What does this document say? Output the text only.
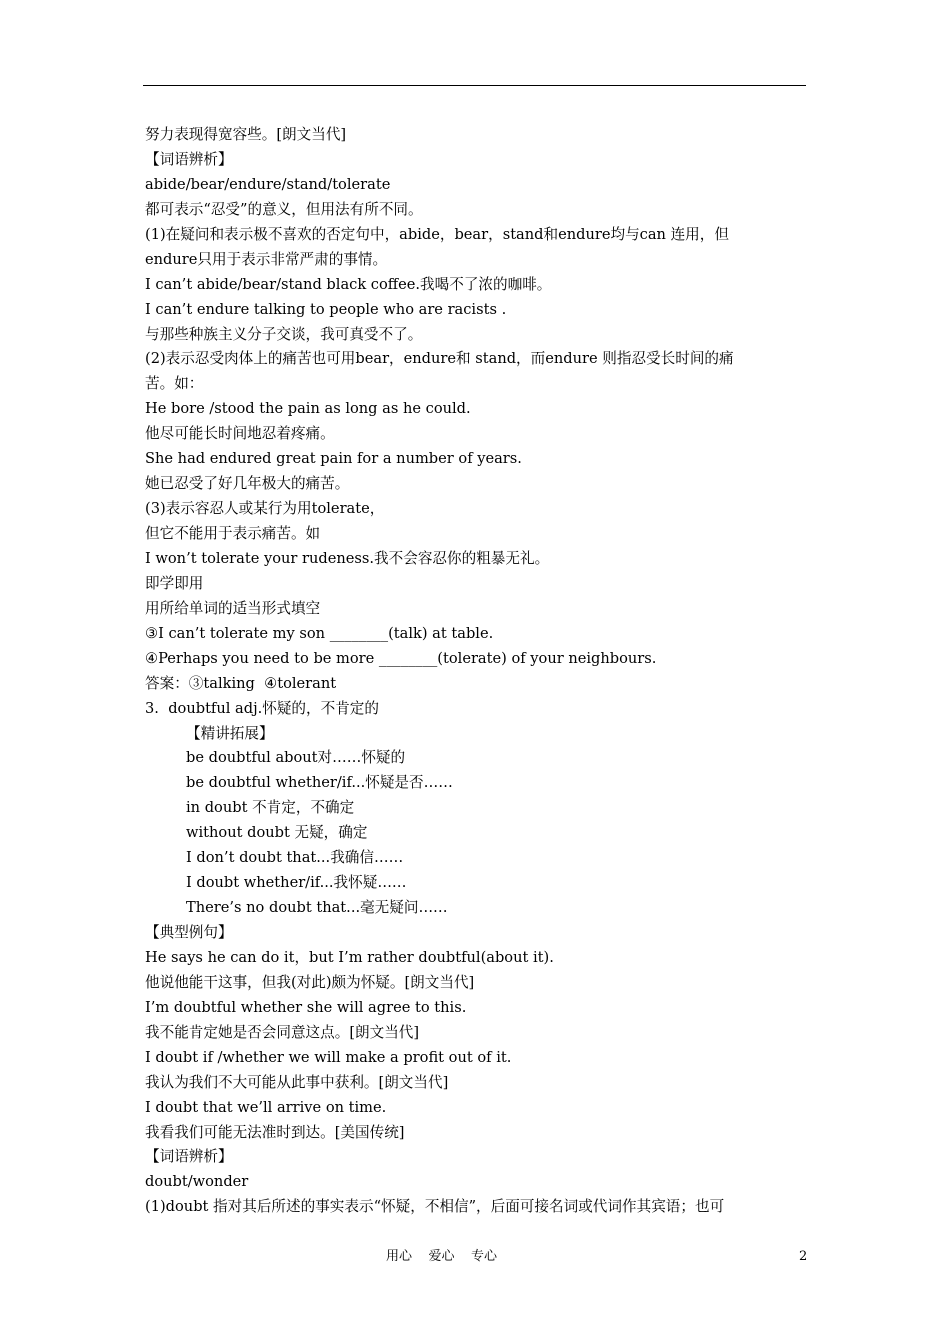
努力表现得宽容些。[朗文当代]
【词语辨析】
abide/bear/endure/stand/tolerate
都可表示“忍受”的意义，但用法有所不同。
(1)在疑问和表示极不喜欢的否定句中，abide，bear，stand和endure均与can 连用，但
endure只用于表示非常严肃的事情。
I can’t abide/bear/stand black coffee.我喝不了浓的咖啡。
I can’t endure talking to people who are racists .
与那些种族主义分子交谈，我可真受不了。
(2)表示忍受肉体上的痛苦也可用bear，endure和 stand，而endure 则指忍受长时间的痛
苦。如：
He bore /stood the pain as long as he could.
他尽可能长时间地忍着疼痛。
She had endured great pain for a number of years.
她已忍受了好几年极大的痛苦。
(3)表示容忍人或某行为用tolerate，
但它不能用于表示痛苦。如
I won’t tolerate your rudeness.我不会容忍你的粗暴无礼。
即学即用
用所给单词的适当形式填空
③I can’t tolerate my son ________(talk) at table.
④Perhaps you need to be more ________(tolerate) of your neighbours.
答案：③talking  ④tolerant
3.  doubtful adj.怀疑的，不肯定的
【精讲拓展】
be doubtful about对……怀疑的
be doubtful whether/if...怀疑是否……
in doubt 不肯定，不确定
without doubt 无疑，确定
I don’t doubt that...我确信……
I doubt whether/if...我怀疑……
There’s no doubt that...毫无疑问……
【典型例句】
He says he can do it，but I’m rather doubtful(about it).
他说他能干这事，但我(对此)颇为怀疑。[朗文当代]
I’m doubtful whether she will agree to this.
我不能肯定她是否会同意这点。[朗文当代]
I doubt if /whether we will make a profit out of it.
我认为我们不大可能从此事中获利。[朗文当代]
I doubt that we’ll arrive on time.
我看我们可能无法准时到达。[美国传统]
【词语辨析】
doubt/wonder
(1)doubt 指对其后所述的事实表示“怀疑，不相信”，后面可接名词或代词作其宾语；也可
用心    爱心    专心	2
